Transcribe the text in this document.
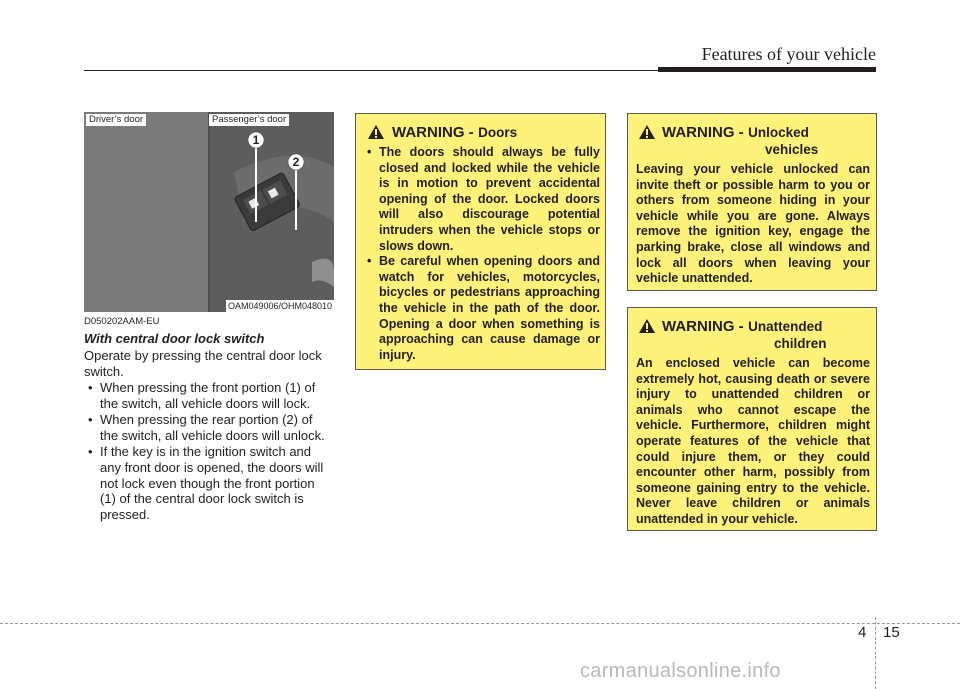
Features of your vehicle
1
2
Driver’s door	Passenger’s door
OAM049006/OHM048010
D050202AAM-EU
With central door lock switch
Operate by pressing the central door lock switch.
• When pressing the front portion (1) of the switch, all vehicle doors will lock.
• When pressing the rear portion (2) of the switch, all vehicle doors will unlock.
• If the key is in the ignition switch and any front door is opened, the doors will not lock even though the front portion (1) of the central door lock switch is pressed.
WARNING - Doors
• The doors should always be fully closed and locked while the vehicle is in motion to prevent accidental opening of the door. Locked doors will also discourage potential intruders when the vehicle stops or slows down.
• Be careful when opening doors and watch for vehicles, motorcycles, bicycles or pedestrians approaching the vehicle in the path of the door. Opening a door when something is approaching can cause damage or injury.
WARNING - Unlocked
vehicles

Leaving your vehicle unlocked can invite theft or possible harm to you or others from someone hiding in your vehicle while you are gone. Always remove the ignition key, engage the parking brake, close all windows and lock all doors when leaving your vehicle unattended.

WARNING - Unattended
children

An enclosed vehicle can become extremely hot, causing death or severe injury to unattended children or animals who cannot escape the vehicle. Furthermore, children might operate features of the vehicle that could injure them, or they could encounter other harm, possibly from someone gaining entry to the vehicle. Never leave children or animals unattended in your vehicle.

4 15
carmanualsonline.info
